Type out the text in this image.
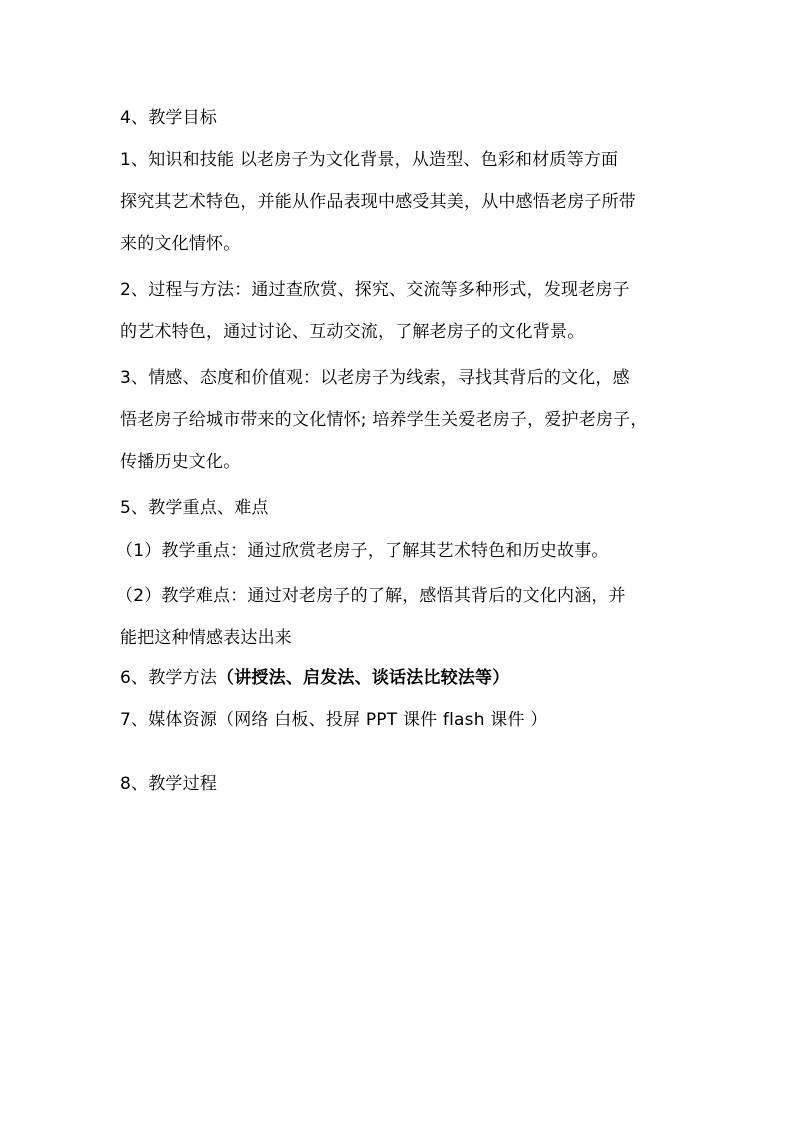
4、教学目标
1、知识和技能 以老房子为文化背景，从造型、色彩和材质等方面
探究其艺术特色，并能从作品表现中感受其美，从中感悟老房子所带
来的文化情怀。
2、过程与方法：通过查欣赏、探究、交流等多种形式，发现老房子
的艺术特色，通过讨论、互动交流，了解老房子的文化背景。
3、情感、态度和价值观：以老房子为线索，寻找其背后的文化，感
悟老房子给城市带来的文化情怀; 培养学生关爱老房子，爱护老房子，
传播历史文化。
5、教学重点、难点
（1）教学重点：通过欣赏老房子，了解其艺术特色和历史故事。
（2）教学难点：通过对老房子的了解，感悟其背后的文化内涵，并
能把这种情感表达出来
6、教学方法（讲授法、启发法、谈话法比较法等）
7、媒体资源（网络 白板、投屏 PPT 课件 flash 课件 ）
8、教学过程
